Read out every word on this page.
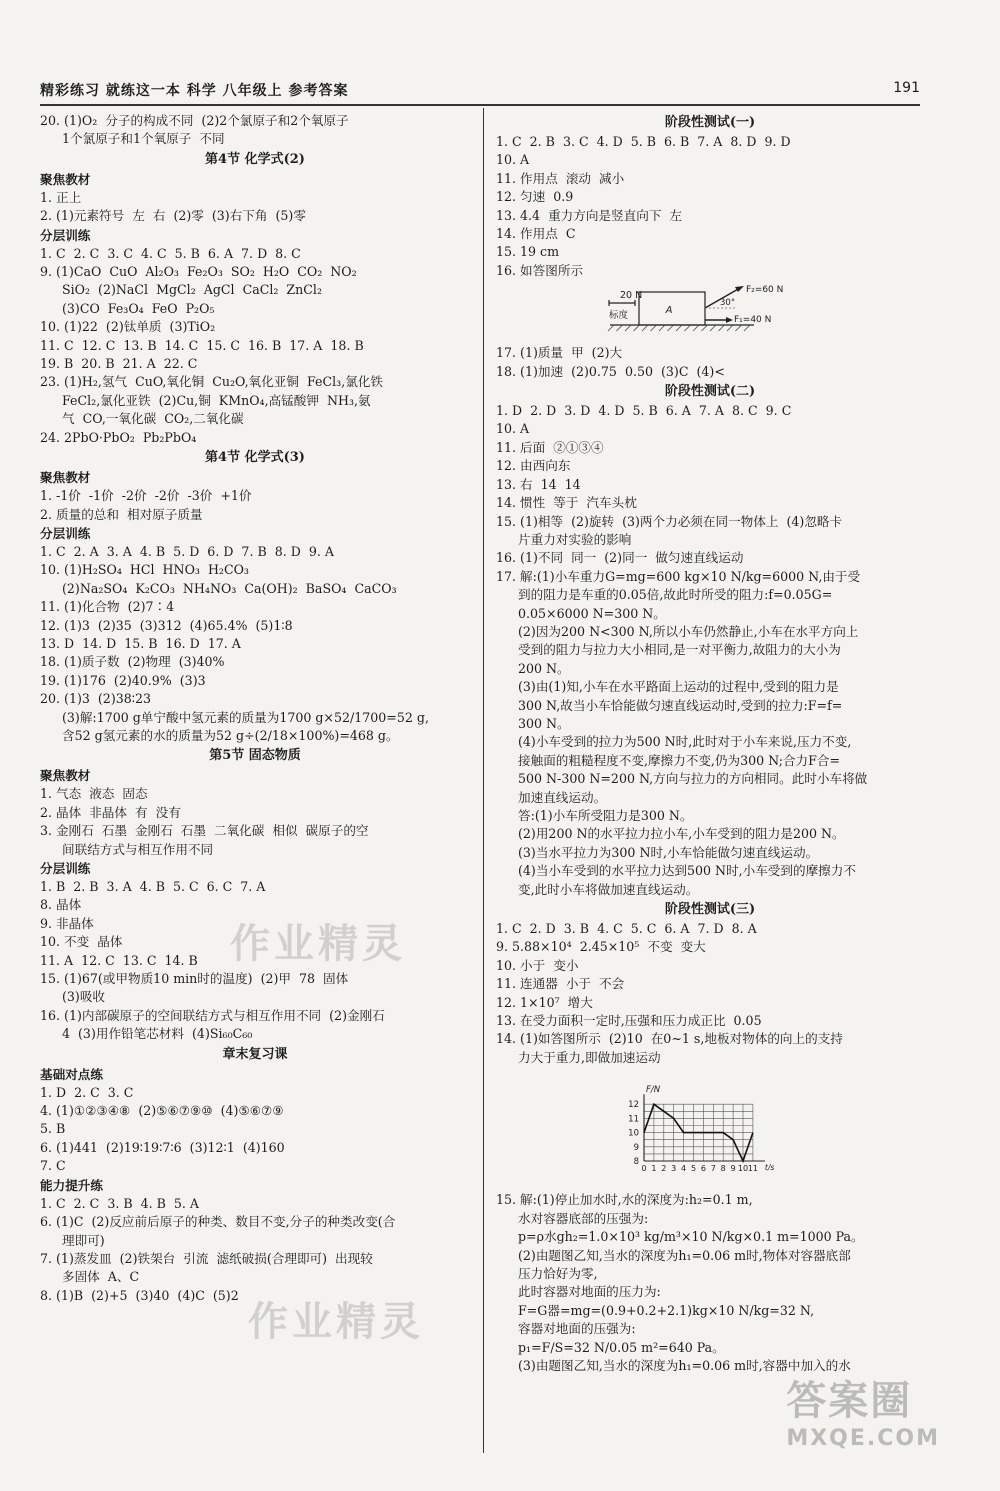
精彩练习 就练这一本 科学 八年级上 参考答案	191
20. (1)O₂  分子的构成不同  (2)2个氯原子和2个氧原子
1个氯原子和1个氧原子  不同
第4节 化学式(2)
聚焦教材
1. 正上
2. (1)元素符号  左  右  (2)零  (3)右下角  (5)零
分层训练
1. C  2. C  3. C  4. C  5. B  6. A  7. D  8. C
9. (1)CaO  CuO  Al₂O₃  Fe₂O₃  SO₂  H₂O  CO₂  NO₂
SiO₂  (2)NaCl  MgCl₂  AgCl  CaCl₂  ZnCl₂
(3)CO  Fe₃O₄  FeO  P₂O₅
10. (1)22  (2)钛单质  (3)TiO₂
11. C  12. C  13. B  14. C  15. C  16. B  17. A  18. B
19. B  20. B  21. A  22. C
23. (1)H₂,氢气  CuO,氧化铜  Cu₂O,氧化亚铜  FeCl₃,氯化铁
FeCl₂,氯化亚铁  (2)Cu,铜  KMnO₄,高锰酸钾  NH₃,氨
气  CO,一氧化碳  CO₂,二氧化碳
24. 2PbO·PbO₂  Pb₂PbO₄
第4节 化学式(3)
聚焦教材
1. -1价  -1价  -2价  -2价  -3价  +1价
2. 质量的总和  相对原子质量
分层训练
1. C  2. A  3. A  4. B  5. D  6. D  7. B  8. D  9. A
10. (1)H₂SO₄  HCl  HNO₃  H₂CO₃
(2)Na₂SO₄  K₂CO₃  NH₄NO₃  Ca(OH)₂  BaSO₄  CaCO₃
11. (1)化合物  (2)7∶4
12. (1)3  (2)35  (3)312  (4)65.4%  (5)1∶8
13. D  14. D  15. B  16. D  17. A
18. (1)质子数  (2)物理  (3)40%
19. (1)176  (2)40.9%  (3)3
20. (1)3  (2)38∶23
(3)解:1700 g单宁酸中氢元素的质量为1700 g×52/1700=52 g,
含52 g氢元素的水的质量为52 g÷(2/18×100%)=468 g。
第5节 固态物质
聚焦教材
1. 气态  液态  固态
2. 晶体  非晶体  有  没有
3. 金刚石  石墨  金刚石  石墨  二氧化碳  相似  碳原子的空
间联结方式与相互作用不同
分层训练
1. B  2. B  3. A  4. B  5. C  6. C  7. A
8. 晶体
9. 非晶体
10. 不变  晶体
11. A  12. C  13. C  14. B
15. (1)67(或甲物质10 min时的温度)  (2)甲  78  固体
(3)吸收
16. (1)内部碳原子的空间联结方式与相互作用不同  (2)金刚石
4  (3)用作铅笔芯材料  (4)Si₆₀C₆₀
章末复习课
基础对点练
1. D  2. C  3. C
4. (1)①②③④⑧  (2)⑤⑥⑦⑨⑩  (4)⑤⑥⑦⑨
5. B
6. (1)441  (2)19∶19∶7∶6  (3)12∶1  (4)160
7. C
能力提升练
1. C  2. C  3. B  4. B  5. A
6. (1)C  (2)反应前后原子的种类、数目不变,分子的种类改变(合
理即可)
7. (1)蒸发皿  (2)铁架台  引流  滤纸破损(合理即可)  出现较
多固体  A、C
8. (1)B  (2)+5  (3)40  (4)C  (5)2
阶段性测试(一)
1. C  2. B  3. C  4. D  5. B  6. B  7. A  8. D  9. D
10. A
11. 作用点  滚动  减小
12. 匀速  0.9
13. 4.4  重力方向是竖直向下  左
14. 作用点  C
15. 19 cm
16. 如答图所示
20 N
标度	A
30°
F₂=60 N
F₁=40 N
17. (1)质量  甲  (2)大
18. (1)加速  (2)0.75  0.50  (3)C  (4)<
阶段性测试(二)
1. D  2. D  3. D  4. D  5. B  6. A  7. A  8. C  9. C
10. A
11. 后面  ②①③④
12. 由西向东
13. 右  14  14
14. 惯性  等于  汽车头枕
15. (1)相等  (2)旋转  (3)两个力必须在同一物体上  (4)忽略卡
片重力对实验的影响
16. (1)不同  同一  (2)同一  做匀速直线运动
17. 解:(1)小车重力G=mg=600 kg×10 N/kg=6000 N,由于受
到的阻力是车重的0.05倍,故此时所受的阻力:f=0.05G=
0.05×6000 N=300 N。
(2)因为200 N<300 N,所以小车仍然静止,小车在水平方向上
受到的阻力与拉力大小相同,是一对平衡力,故阻力的大小为
200 N。
(3)由(1)知,小车在水平路面上运动的过程中,受到的阻力是
300 N,故当小车恰能做匀速直线运动时,受到的拉力:F=f=
300 N。
(4)小车受到的拉力为500 N时,此时对于小车来说,压力不变,
接触面的粗糙程度不变,摩擦力不变,仍为300 N;合力F合=
500 N-300 N=200 N,方向与拉力的方向相同。此时小车将做
加速直线运动。
答:(1)小车所受阻力是300 N。
(2)用200 N的水平拉力拉小车,小车受到的阻力是200 N。
(3)当水平拉力为300 N时,小车恰能做匀速直线运动。
(4)当小车受到的水平拉力达到500 N时,小车受到的摩擦力不
变,此时小车将做加速直线运动。
阶段性测试(三)
1. C  2. D  3. B  4. C  5. C  6. A  7. D  8. A
9. 5.88×10⁴  2.45×10⁵  不变  变大
10. 小于  变小
11. 连通器  小于  不会
12. 1×10⁷  增大
13. 在受力面积一定时,压强和压力成正比  0.05
14. (1)如答图所示  (2)10  在0~1 s,地板对物体的向上的支持
力大于重力,即做加速运动
F/N
t/s
8
9
10
11
12
0 1 2 3 4 5 6 7 8 9 10 11
15. 解:(1)停止加水时,水的深度为:h₂=0.1 m,
水对容器底部的压强为:
p=ρ水gh₂=1.0×10³ kg/m³×10 N/kg×0.1 m=1000 Pa。
(2)由题图乙知,当水的深度为h₁=0.06 m时,物体对容器底部
压力恰好为零,
此时容器对地面的压力为:
F=G器=mg=(0.9+0.2+2.1)kg×10 N/kg=32 N,
容器对地面的压强为:
p₁=F/S=32 N/0.05 m²=640 Pa。
(3)由题图乙知,当水的深度为h₁=0.06 m时,容器中加入的水
作业精灵
作业精灵
答案圈
MXQE.COM
